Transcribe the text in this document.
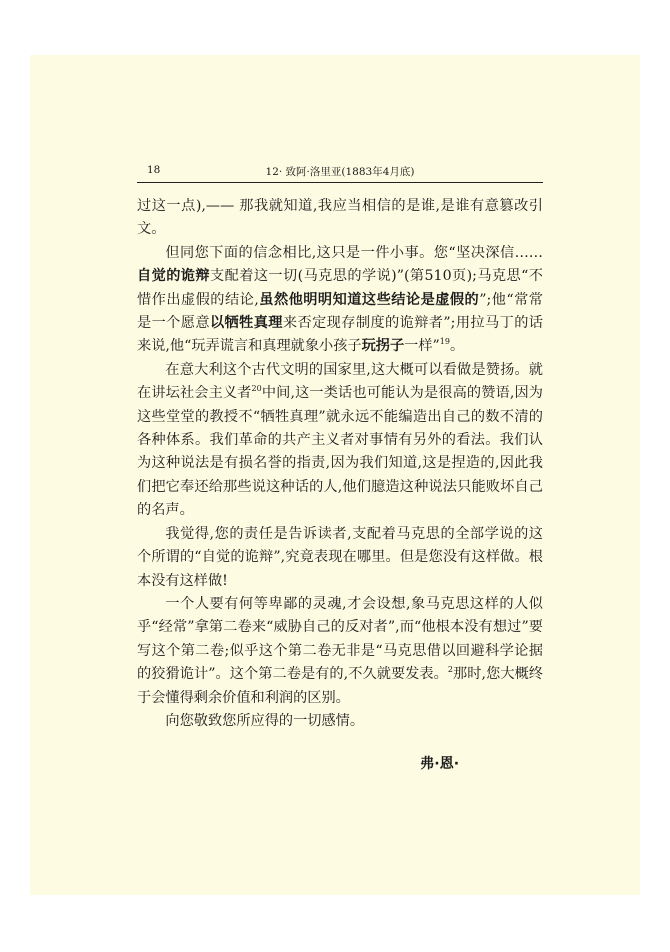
18	12· 致阿·洛里亚(1883年4月底)

过这一点),—— 那我就知道,我应当相信的是谁,是谁有意篡改引文。

但同您下面的信念相比,这只是一件小事。您“坚决深信……自觉的诡辩支配着这一切(马克思的学说)”(第510页);马克思“不惜作出虚假的结论,虽然他明明知道这些结论是虚假的”;他“常常是一个愿意以牺牲真理来否定现存制度的诡辩者”;用拉马丁的话来说,他“玩弄谎言和真理就象小孩子玩拐子一样”$^{19}$。

在意大利这个古代文明的国家里,这大概可以看做是赞扬。就在讲坛社会主义者$^{20}$中间,这一类话也可能认为是很高的赞语,因为这些堂堂的教授不“牺牲真理”就永远不能编造出自己的数不清的各种体系。我们革命的共产主义者对事情有另外的看法。我们认为这种说法是有损名誉的指责,因为我们知道,这是捏造的,因此我们把它奉还给那些说这种话的人,他们臆造这种说法只能败坏自己的名声。

我觉得,您的责任是告诉读者,支配着马克思的全部学说的这个所谓的“自觉的诡辩”,究竟表现在哪里。但是您没有这样做。根本没有这样做!

一个人要有何等卑鄙的灵魂,才会设想,象马克思这样的人似乎“经常”拿第二卷来“威胁自己的反对者”,而“他根本没有想过”要写这个第二卷;似乎这个第二卷无非是“马克思借以回避科学论据的狡猾诡计”。这个第二卷是有的,不久就要发表。$^2$那时,您大概终于会懂得剩余价值和利润的区别。

向您敬致您所应得的一切感情。

弗·恩·
